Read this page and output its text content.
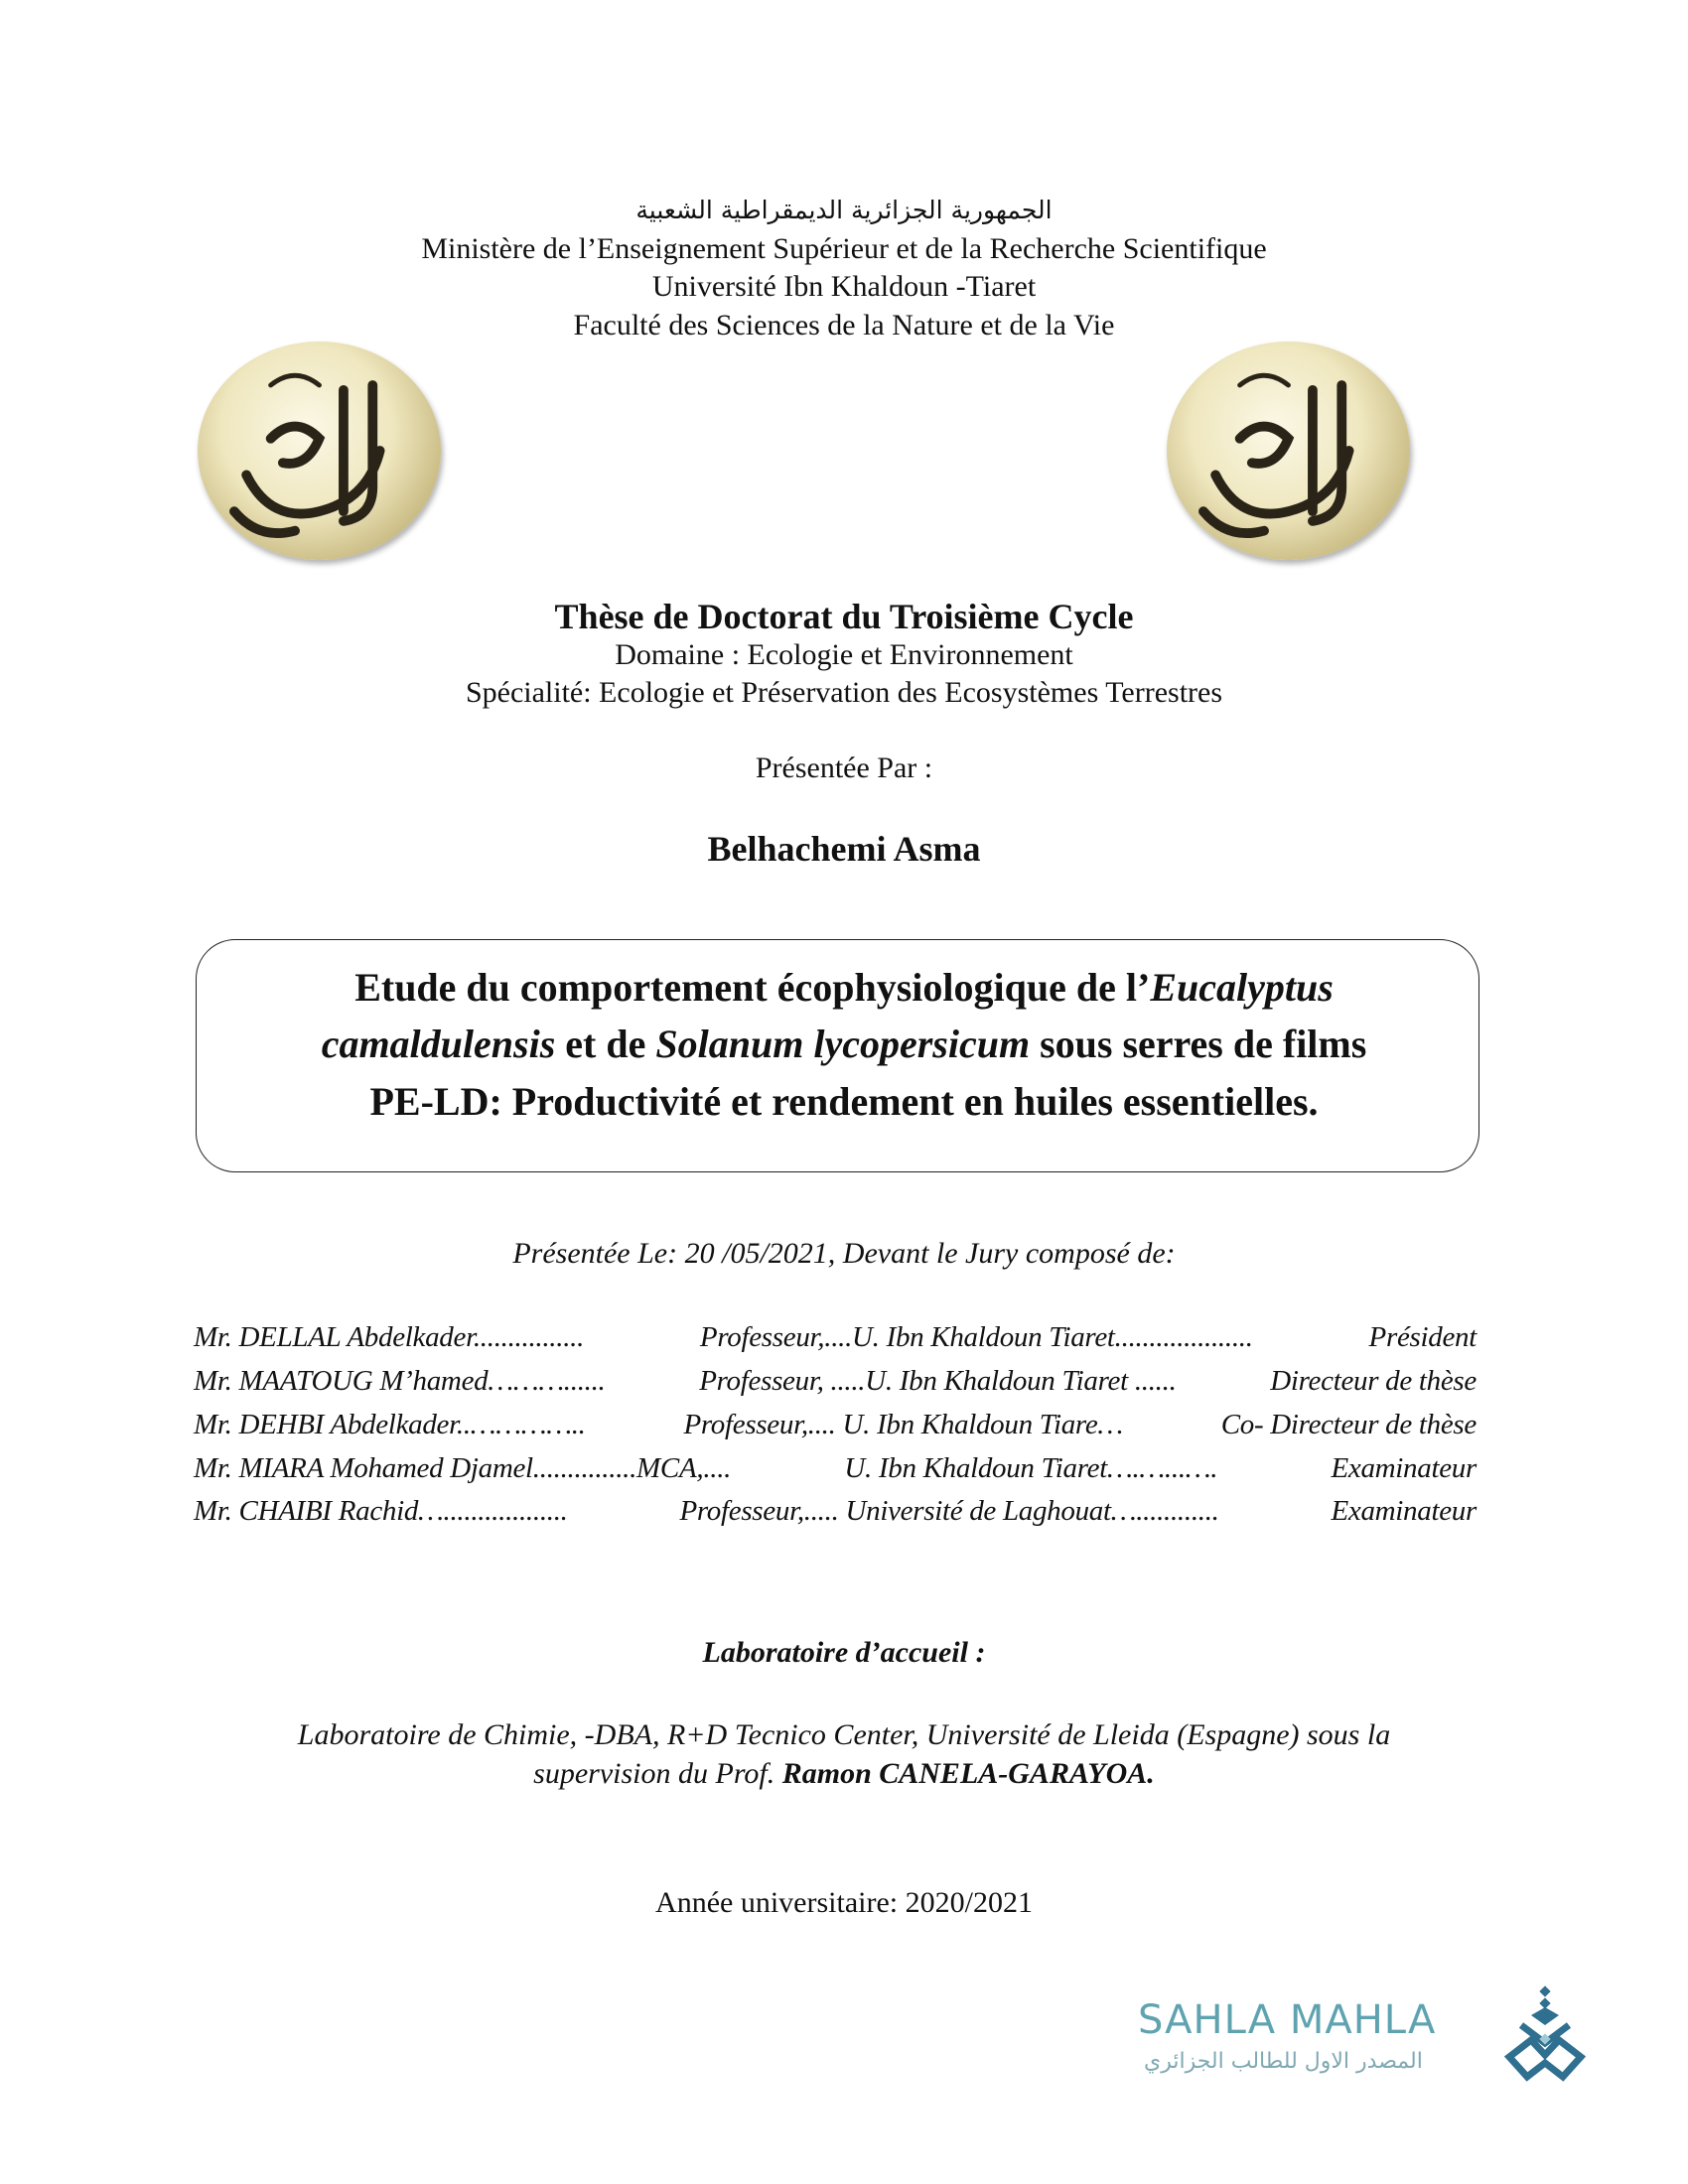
الجمهورية الجزائرية الديمقراطية الشعبية
Ministère de l’Enseignement Supérieur et de la Recherche Scientifique
Université Ibn Khaldoun -Tiaret
Faculté des Sciences de la Nature et de la Vie
Thèse de Doctorat du Troisième Cycle
Domaine : Ecologie et Environnement
Spécialité: Ecologie et Préservation des Ecosystèmes Terrestres
Présentée Par :
Belhachemi Asma
Etude du comportement écophysiologique de l’Eucalyptus
camaldulensis et de Solanum lycopersicum sous serres de films
PE-LD: Productivité et rendement en huiles essentielles.
Présentée Le: 20 /05/2021, Devant le Jury composé de:
Mr. DELLAL Abdelkader................	Professeur,....U. Ibn Khaldoun Tiaret....................	Président
Mr. MAATOUG M’hamed………......	Professeur, .....U. Ibn Khaldoun Tiaret ......	Directeur de thèse
Mr. DEHBI Abdelkader..…………..	Professeur,.... U. Ibn Khaldoun Tiare…	Co- Directeur de thèse
Mr. MIARA Mohamed Djamel...............MCA,....	U. Ibn Khaldoun Tiaret….…...….	Examinateur
Mr. CHAIBI Rachid…..................	Professeur,..... Université de Laghouat…............	Examinateur
Laboratoire d’accueil :
Laboratoire de Chimie, -DBA, R+D Tecnico Center, Université de Lleida (Espagne) sous la
supervision du Prof. Ramon CANELA-GARAYOA.
Année universitaire: 2020/2021
SAHLA MAHLA
المصدر الاول للطالب الجزائري
